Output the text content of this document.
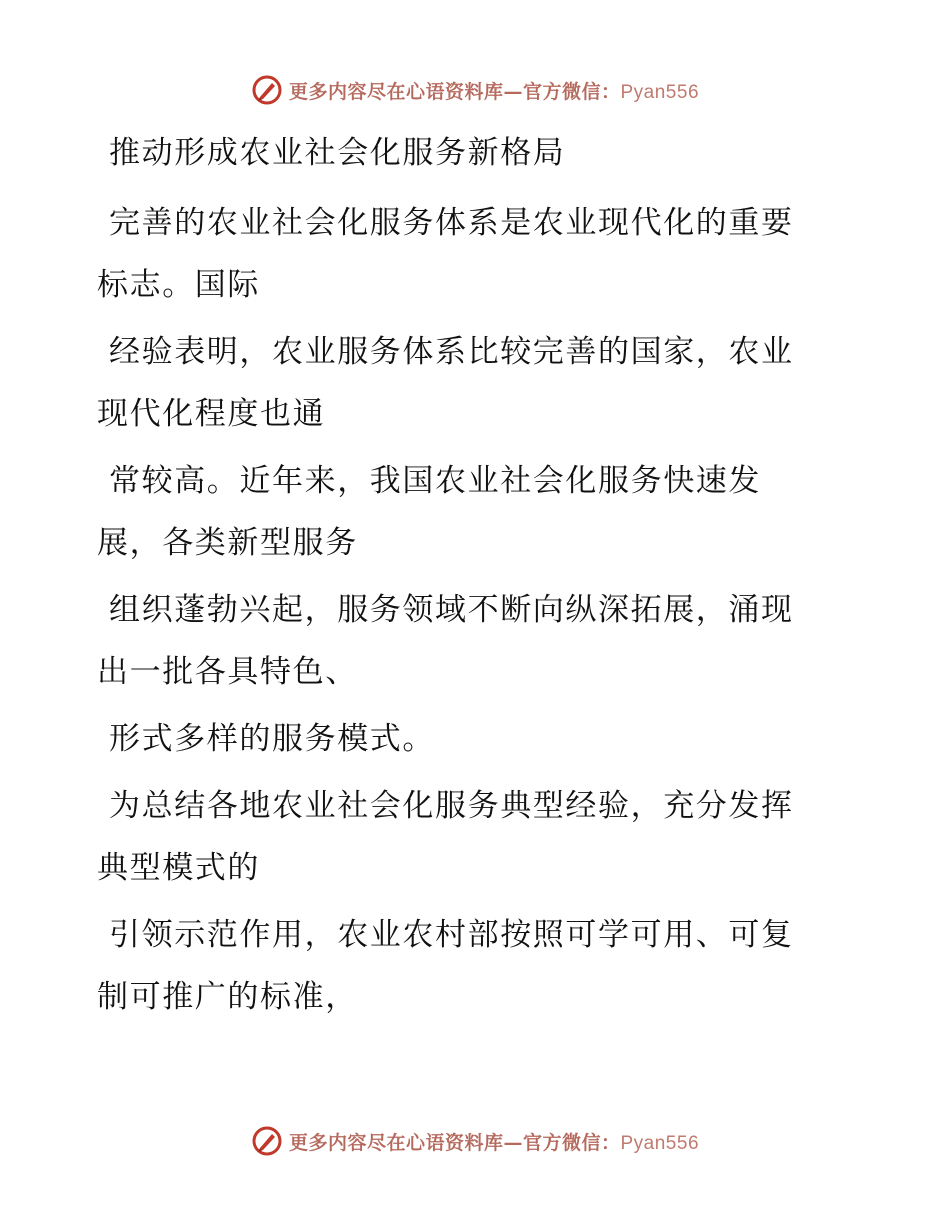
更多内容尽在心语资料库—官方微信：Pyan556

推动形成农业社会化服务新格局

完善的农业社会化服务体系是农业现代化的重要
标志。国际

经验表明，农业服务体系比较完善的国家，农业
现代化程度也通

常较高。近年来，我国农业社会化服务快速发
展，各类新型服务

组织蓬勃兴起，服务领域不断向纵深拓展，涌现
出一批各具特色、

形式多样的服务模式。

为总结各地农业社会化服务典型经验，充分发挥
典型模式的

引领示范作用，农业农村部按照可学可用、可复
制可推广的标准，

更多内容尽在心语资料库—官方微信：Pyan556
